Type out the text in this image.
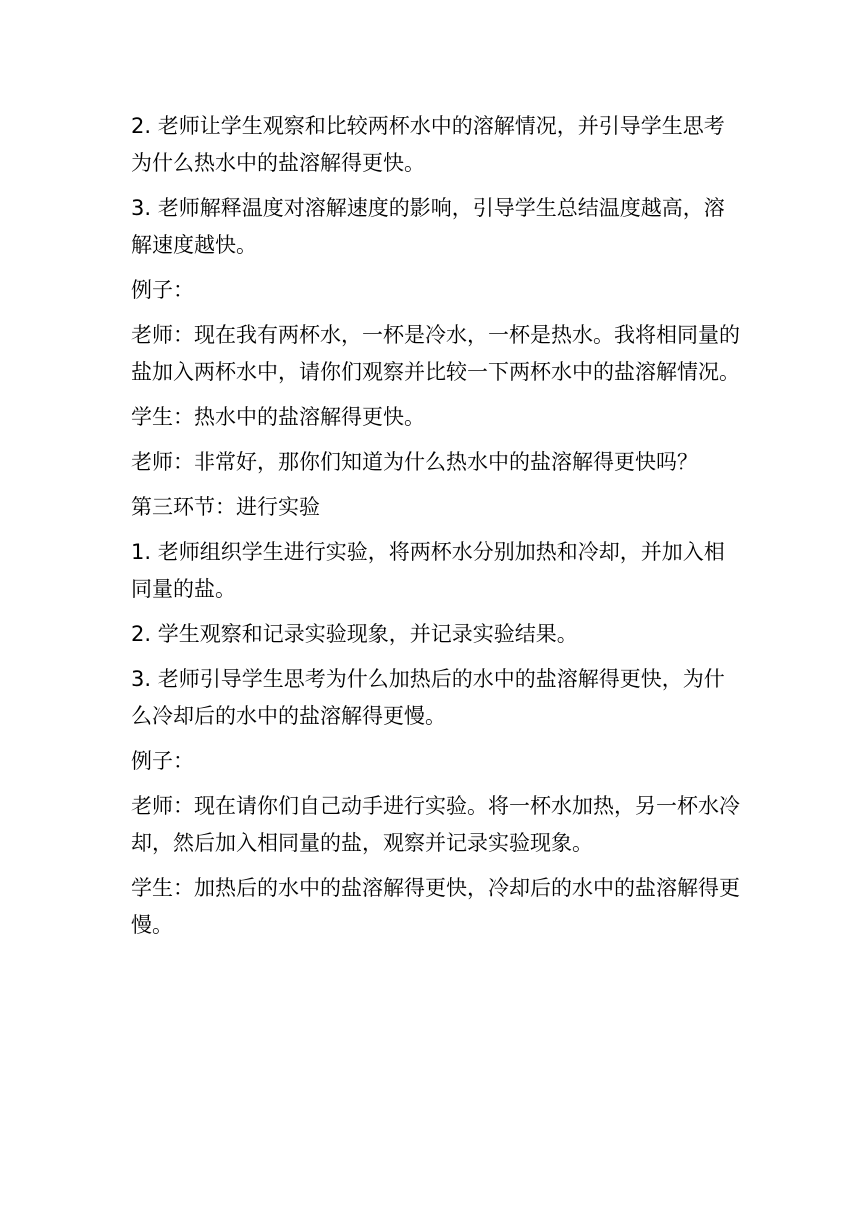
2. 老师让学生观察和比较两杯水中的溶解情况，并引导学生思考为什么热水中的盐溶解得更快。

3. 老师解释温度对溶解速度的影响，引导学生总结温度越高，溶解速度越快。

例子：

老师：现在我有两杯水，一杯是冷水，一杯是热水。我将相同量的盐加入两杯水中，请你们观察并比较一下两杯水中的盐溶解情况。

学生：热水中的盐溶解得更快。

老师：非常好，那你们知道为什么热水中的盐溶解得更快吗？

第三环节：进行实验

1. 老师组织学生进行实验，将两杯水分别加热和冷却，并加入相同量的盐。

2. 学生观察和记录实验现象，并记录实验结果。

3. 老师引导学生思考为什么加热后的水中的盐溶解得更快，为什么冷却后的水中的盐溶解得更慢。

例子：

老师：现在请你们自己动手进行实验。将一杯水加热，另一杯水冷却，然后加入相同量的盐，观察并记录实验现象。

学生：加热后的水中的盐溶解得更快，冷却后的水中的盐溶解得更慢。
